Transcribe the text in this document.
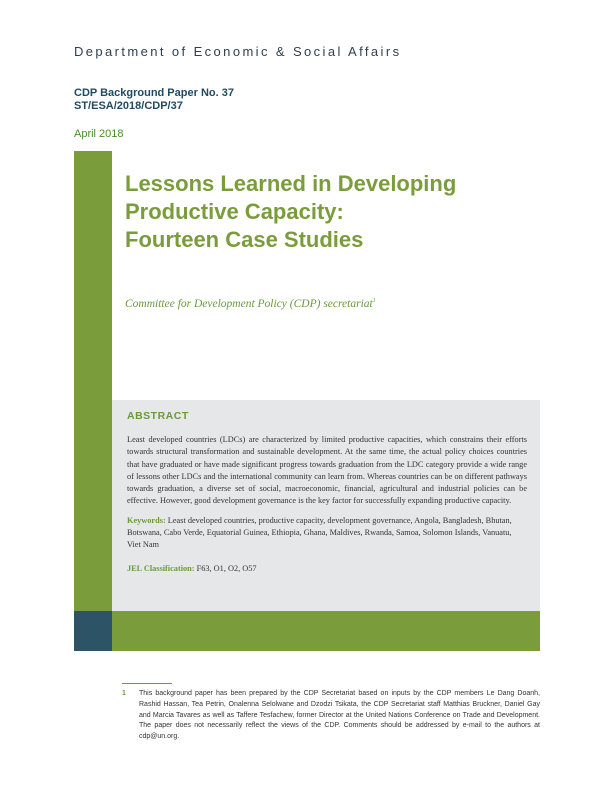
Department of Economic & Social Affairs
CDP Background Paper No. 37
ST/ESA/2018/CDP/37
April 2018
Lessons Learned in Developing
Productive Capacity:
Fourteen Case Studies
Committee for Development Policy (CDP) secretariat$^1$
ABSTRACT
Least developed countries (LDCs) are characterized by limited productive capacities, which constrains their efforts towards structural transformation and sustainable development. At the same time, the actual policy choices countries that have graduated or have made significant progress towards graduation from the LDC category provide a wide range of lessons other LDCs and the international community can learn from. Whereas countries can be on different pathways towards graduation, a diverse set of social, macroeconomic, financial, agricultural and industrial policies can be effective. However, good development governance is the key factor for successfully expanding productive capacity.
Keywords: Least developed countries, productive capacity, development governance, Angola, Bangladesh, Bhutan, Botswana, Cabo Verde, Equatorial Guinea, Ethiopia, Ghana, Maldives, Rwanda, Samoa, Solomon Islands, Vanuatu, Viet Nam
JEL Classification: F63, O1, O2, O57
1 This background paper has been prepared by the CDP Secretariat based on inputs by the CDP members Le Dang Doanh, Rashid Hassan, Tea Petrin, Onalenna Selolwane and Dzodzi Tsikata, the CDP Secretariat staff Matthias Bruckner, Daniel Gay and Marcia Tavares as well as Taffere Tesfachew, former Director at the United Nations Conference on Trade and Development. The paper does not necessarily reflect the views of the CDP. Comments should be addressed by e-mail to the authors at cdp@un.org.
